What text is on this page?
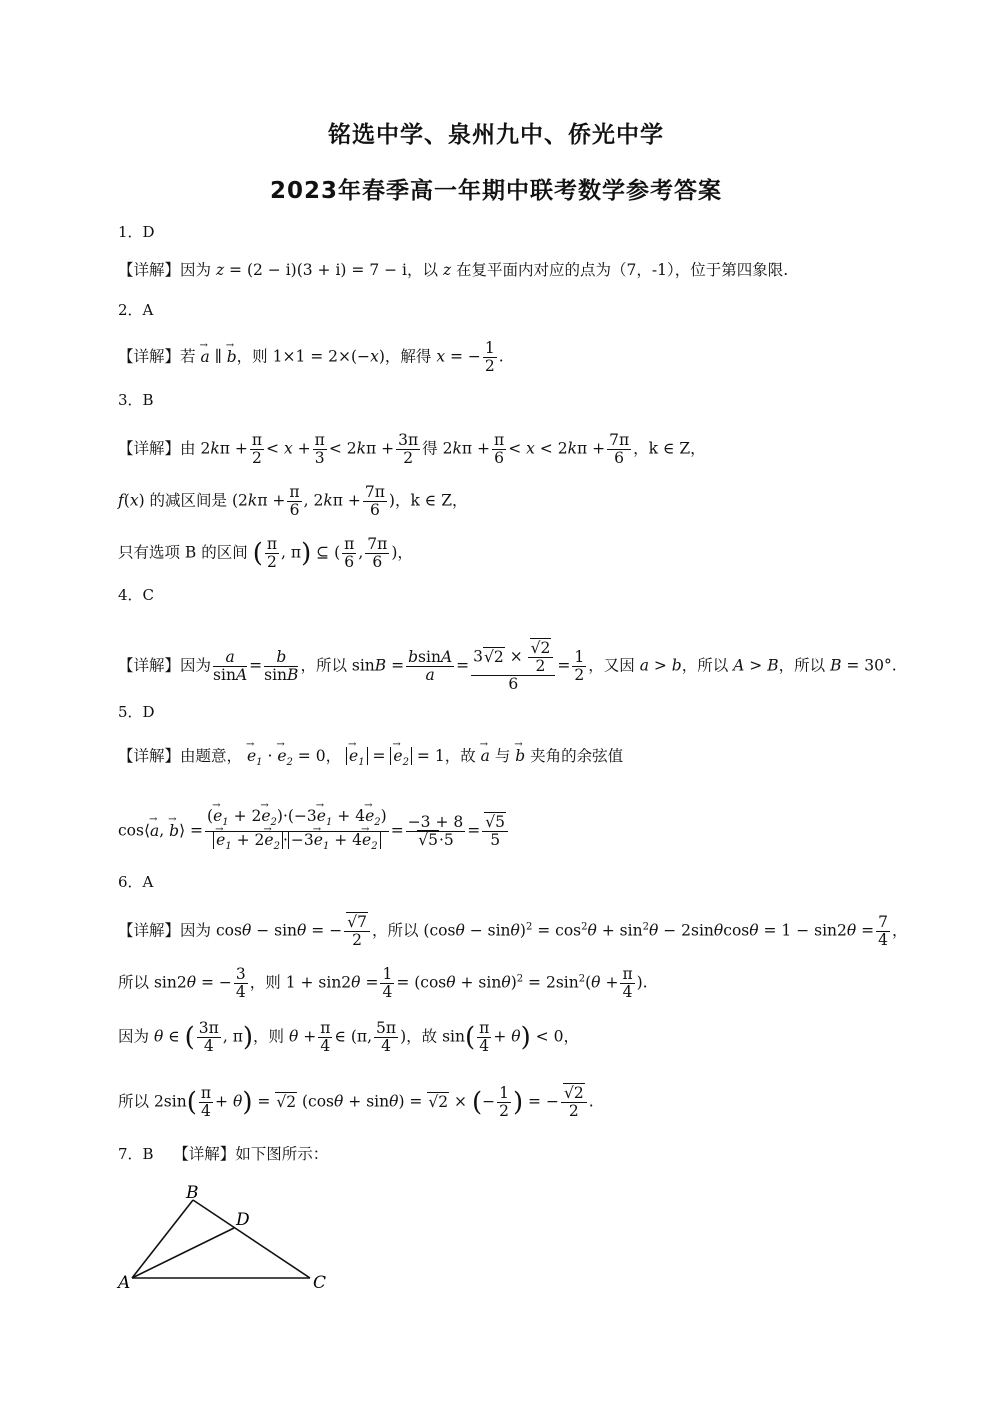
铭选中学、泉州九中、侨光中学
2023年春季高一年期中联考数学参考答案
1．D
【详解】因为 z = (2 − i)(3 + i) = 7 − i，以 z 在复平面内对应的点为（7，-1），位于第四象限.
2．A
【详解】若 → a ∥ → b，则 1×1 = 2×(−x)，解得 x = − $\frac{1}{2}$ .
3．B
【详解】由 $2k\pi + \frac{\pi}{2} < x + \frac{\pi}{3} < 2k\pi + \frac{3\pi}{2}$ 得 $2k\pi + \frac{\pi}{6} < x < 2k\pi + \frac{7\pi}{6}$ ，k ∈ Z，
f(x) 的减区间是 ($2k\pi + \frac{\pi}{6}$ , $2k\pi + \frac{7\pi}{6}$ )，k ∈ Z，
只有选项 B 的区间 ( $\frac{\pi}{2}$ , π) ⊆ ( $\frac{\pi}{6}$ , $\frac{7\pi}{6}$ )，
4．C
【详解】因为 $\frac{a}{\sin A} = \frac{b}{\sin B}$ ，所以 $\sin B = \frac{bsinA}{a} = \frac{3√2 \times \frac{√2}{2}}{6} = \frac{1}{2}$ ，又因 a > b，所以 A > B，所以 B = 30°.
5．D
【详解】由题意， → $e_1$ · → $e_2 = 0$， → $e_1$ = → $e_2 = 1$，故 → a 与 → b 夹角的余弦值
cos⟨→ a, → b⟩ = (→ $e_1 + 2\to e_2)\cdot(-3\to e_1 + 4\to e_2)$
→ $e_1 + 2\to e_2 \cdot -3\to e_1 + 4\to e_2 = \frac{-3 + 8}{√5\cdot 5} = \frac{√5}{5}$
6．A
【详解】因为 cosθ − sinθ = − $\frac{√7}{2}$ ，所以 $(\cos\theta - \sin\theta)^2 = \cos^2\theta + \sin^2\theta - 2\sin\theta\cos\theta = 1 - \sin 2\theta = \frac{7}{4}$ ，
所以 sin2θ = − $\frac{3}{4}$ ，则 $1 + \sin 2\theta = \frac{1}{4} = (\cos\theta + \sin\theta)^2 = 2\sin^2(\theta + \frac{\pi}{4}$ ).
因为 θ ∈ ( $\frac{3\pi}{4}$ , π)，则 $\theta + \frac{\pi}{4}$ ∈ (π, $\frac{5\pi}{4}$ )，故 $\sin( \frac{\pi}{4} + \theta) < 0$，
所以 $2\sin( \frac{\pi}{4} + \theta) = √2$ (cosθ + sinθ) = √2 × (− $\frac{1}{2}$ ) = − $\frac{√2}{2}$ .
7．B 【详解】如下图所示：
B
D
A	C
